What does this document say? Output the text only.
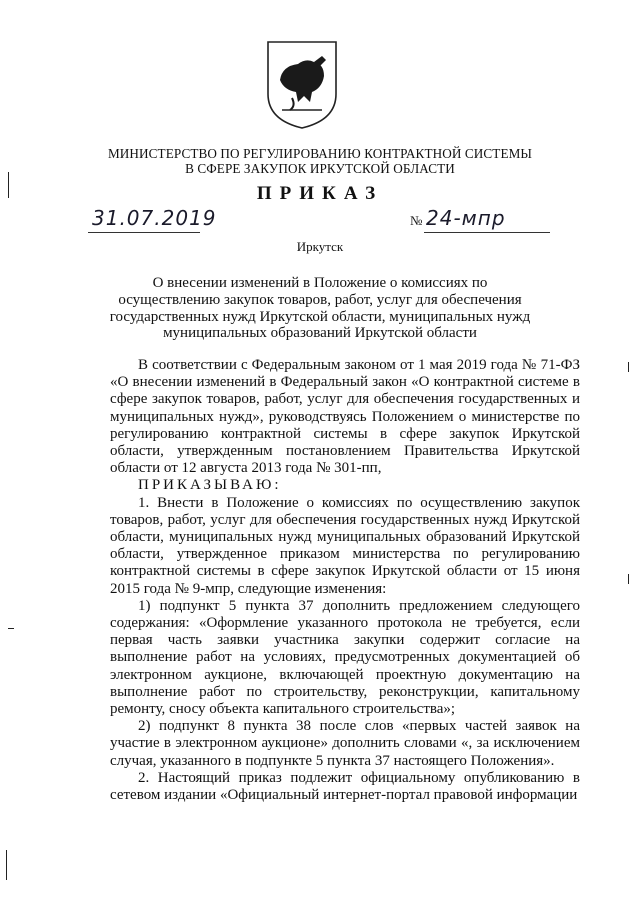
МИНИСТЕРСТВО ПО РЕГУЛИРОВАНИЮ КОНТРАКТНОЙ СИСТЕМЫ
В СФЕРЕ ЗАКУПОК ИРКУТСКОЙ ОБЛАСТИ
ПРИКАЗ
31.07.2019	№ 24-мпр
Иркутск
О внесении изменений в Положение о комиссиях по
осуществлению закупок товаров, работ, услуг для обеспечения
государственных нужд Иркутской области, муниципальных нужд
муниципальных образований Иркутской области

В соответствии с Федеральным законом от 1 мая 2019 года № 71-ФЗ «О внесении изменений в Федеральный закон «О контрактной системе в сфере закупок товаров, работ, услуг для обеспечения государственных и муниципальных нужд», руководствуясь Положением о министерстве по регулированию контрактной системы в сфере закупок Иркутской области, утвержденным постановлением Правительства Иркутской области от 12 августа 2013 года № 301-пп,

ПРИКАЗЫВАЮ:

1. Внести в Положение о комиссиях по осуществлению закупок товаров, работ, услуг для обеспечения государственных нужд Иркутской области, муниципальных нужд муниципальных образований Иркутской области, утвержденное приказом министерства по регулированию контрактной системы в сфере закупок Иркутской области от 15 июня 2015 года № 9-мпр, следующие изменения:

1) подпункт 5 пункта 37 дополнить предложением следующего содержания: «Оформление указанного протокола не требуется, если первая часть заявки участника закупки содержит согласие на выполнение работ на условиях, предусмотренных документацией об электронном аукционе, включающей проектную документацию на выполнение работ по строительству, реконструкции, капитальному ремонту, сносу объекта капитального строительства»;

2) подпункт 8 пункта 38 после слов «первых частей заявок на участие в электронном аукционе» дополнить словами «, за исключением случая, указанного в подпункте 5 пункта 37 настоящего Положения».

2. Настоящий приказ подлежит официальному опубликованию в сетевом издании «Официальный интернет-портал правовой информации
